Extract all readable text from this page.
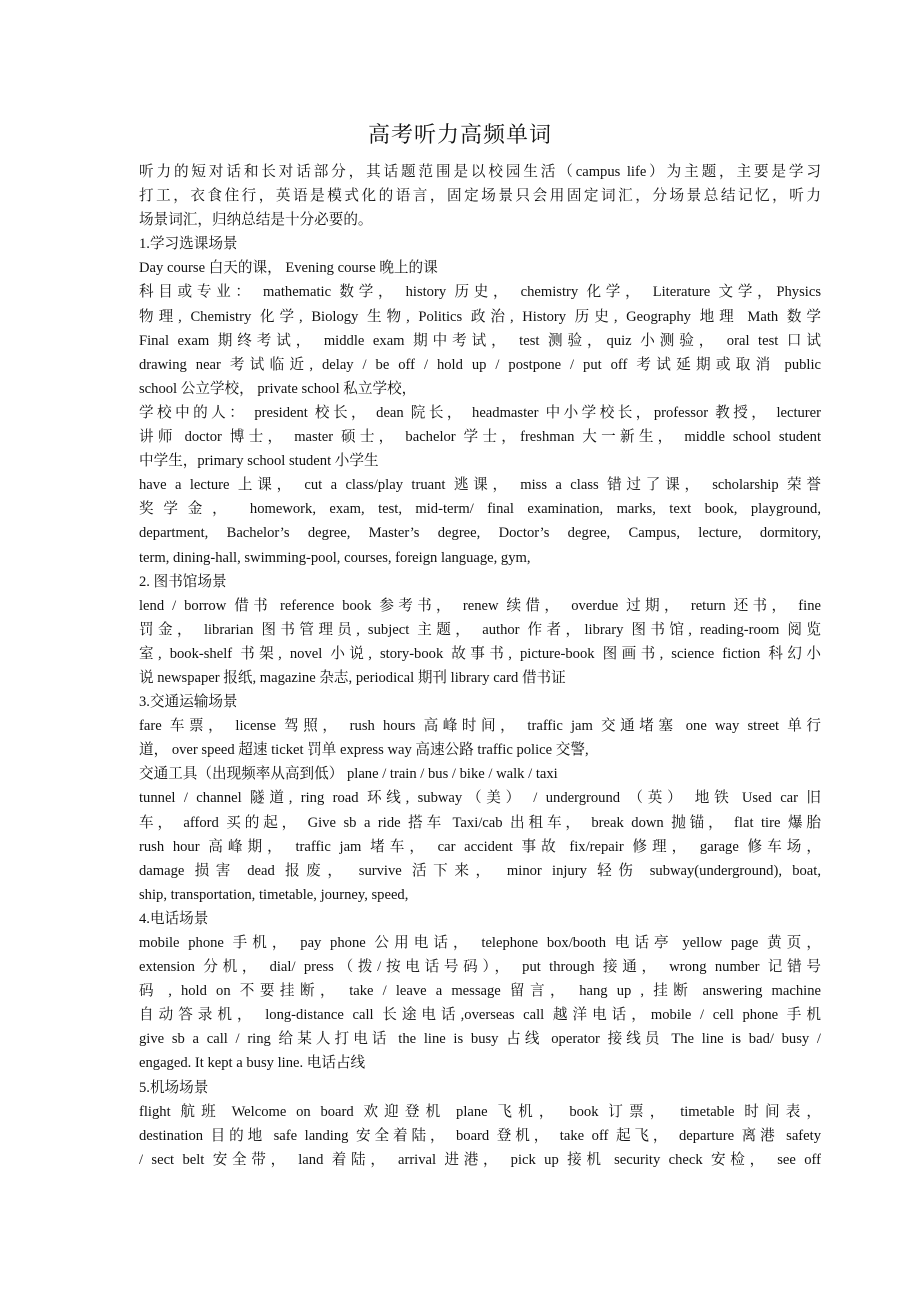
高考听力高频单词
听力的短对话和长对话部分，其话题范围是以校园生活（campus life）为主题，主要是学习
打工，衣食住行，英语是模式化的语言，固定场景只会用固定词汇，分场景总结记忆，听力
场景词汇，归纳总结是十分必要的。
1.学习选课场景
Day course 白天的课， Evening course 晚上的课
科目或专业： mathematic 数学， history 历史， chemistry 化学， Literature 文学，Physics
物理, Chemistry 化学, Biology 生物, Politics 政治, History 历史, Geography 地理 Math 数学
Final exam 期终考试， middle exam 期中考试， test 测验，quiz 小测验， oral test 口试
drawing near 考试临近, delay / be off / hold up / postpone / put off 考试延期或取消 public
school 公立学校， private school 私立学校，
学校中的人： president 校长， dean 院长， headmaster 中小学校长，professor 教授， lecturer
讲师 doctor 博士， master 硕士， bachelor 学士，freshman 大一新生， middle school student
中学生，primary school student 小学生
have a lecture 上课， cut a class/play truant 逃课， miss a class 错过了课， scholarship 荣誉
奖学金， homework, exam, test, mid-term/ final examination, marks, text book, playground,
department, Bachelor’s degree, Master’s degree, Doctor’s degree, Campus, lecture, dormitory,
term, dining-hall, swimming-pool, courses, foreign language, gym,
2. 图书馆场景
lend / borrow 借书 reference book 参考书， renew 续借， overdue 过期， return 还书， fine
罚金， librarian 图书管理员, subject 主题， author 作者，library 图书馆, reading-room 阅览
室, book-shelf 书架, novel 小说, story-book 故事书, picture-book 图画书, science fiction 科幻小
说 newspaper 报纸, magazine 杂志, periodical 期刊 library card 借书证
3.交通运输场景
fare 车票， license 驾照， rush hours 高峰时间， traffic jam 交通堵塞 one way street 单行
道， over speed 超速 ticket 罚单 express way 高速公路 traffic police 交警,
交通工具（出现频率从高到低） plane / train / bus / bike / walk / taxi
tunnel / channel 隧道, ring road 环线, subway（美） / underground （英） 地铁 Used car 旧
车， afford 买的起， Give sb a ride 搭车 Taxi/cab 出租车， break down 抛锚， flat tire 爆胎
rush hour 高峰期， traffic jam 堵车， car accident 事故 fix/repair 修理， garage 修车场，
damage 损害 dead 报废， survive 活下来， minor injury 轻伤 subway(underground), boat,
ship, transportation, timetable, journey, speed,
4.电话场景
mobile phone 手机， pay phone 公用电话， telephone box/booth 电话亭 yellow page 黄页，
extension 分机， dial/ press（拨/按电话号码）， put through 接通， wrong number 记错号
码 , hold on 不要挂断， take / leave a message 留言， hang up , 挂断 answering machine
自动答录机， long-distance call 长途电话,overseas call 越洋电话，mobile / cell phone 手机
give sb a call / ring 给某人打电话 the line is busy 占线 operator 接线员 The line is bad/ busy /
engaged. It kept a busy line. 电话占线
5.机场场景
flight 航班 Welcome on board 欢迎登机 plane 飞机， book 订票， timetable 时间表，
destination 目的地 safe landing 安全着陆， board 登机， take off 起飞， departure 离港 safety
/ sect belt 安全带， land 着陆， arrival 进港， pick up 接机 security check 安检， see off
